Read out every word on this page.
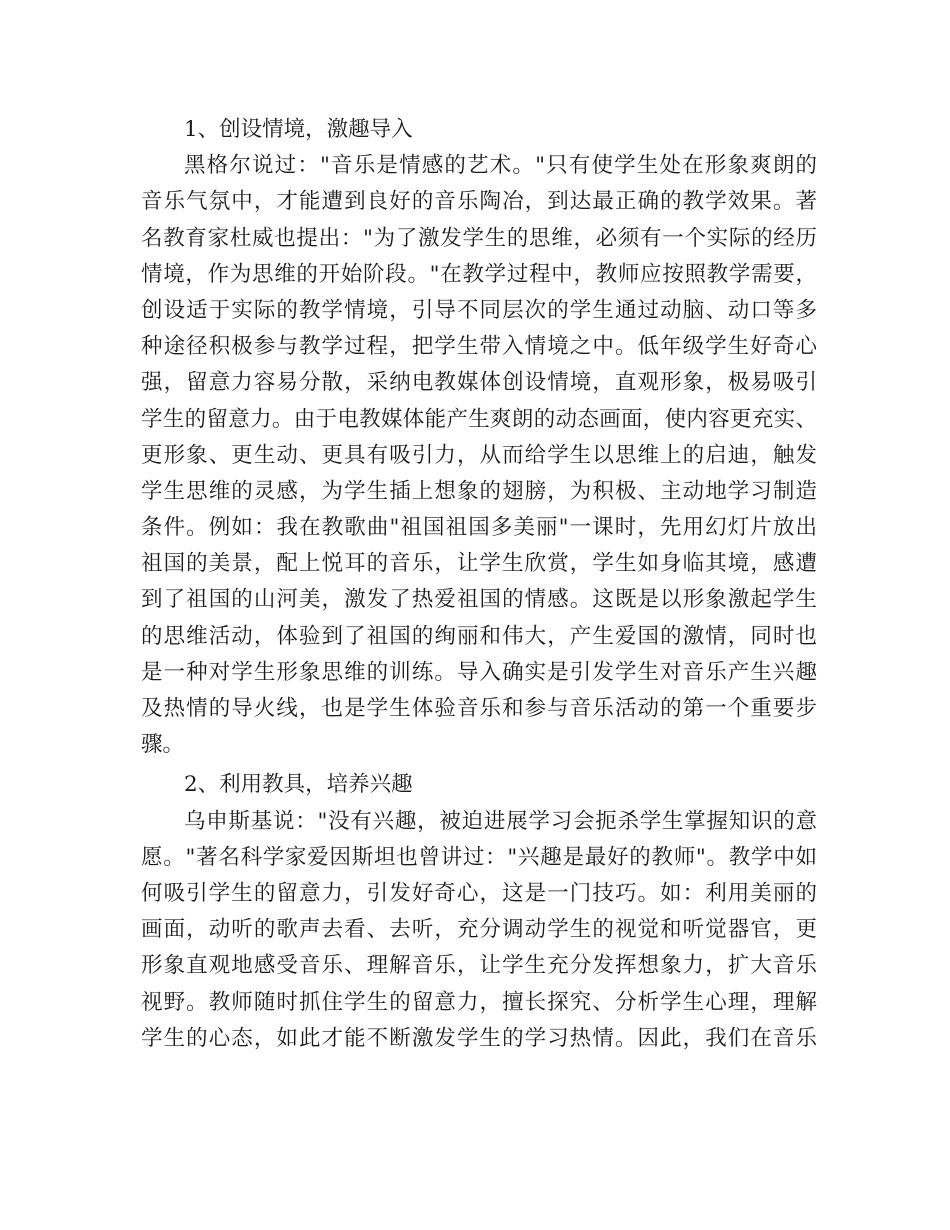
1、创设情境，激趣导入
黑格尔说过："音乐是情感的艺术。"只有使学生处在形象爽朗的
音乐气氛中，才能遭到良好的音乐陶冶，到达最正确的教学效果。著
名教育家杜威也提出："为了激发学生的思维，必须有一个实际的经历
情境，作为思维的开始阶段。"在教学过程中，教师应按照教学需要，
创设适于实际的教学情境，引导不同层次的学生通过动脑、动口等多
种途径积极参与教学过程，把学生带入情境之中。低年级学生好奇心
强，留意力容易分散，采纳电教媒体创设情境，直观形象，极易吸引
学生的留意力。由于电教媒体能产生爽朗的动态画面，使内容更充实、
更形象、更生动、更具有吸引力，从而给学生以思维上的启迪，触发
学生思维的灵感，为学生插上想象的翅膀，为积极、主动地学习制造
条件。例如：我在教歌曲"祖国祖国多美丽"一课时，先用幻灯片放出
祖国的美景，配上悦耳的音乐，让学生欣赏，学生如身临其境，感遭
到了祖国的山河美，激发了热爱祖国的情感。这既是以形象激起学生
的思维活动，体验到了祖国的绚丽和伟大，产生爱国的激情，同时也
是一种对学生形象思维的训练。导入确实是引发学生对音乐产生兴趣
及热情的导火线，也是学生体验音乐和参与音乐活动的第一个重要步
骤。
2、利用教具，培养兴趣
乌申斯基说："没有兴趣，被迫进展学习会扼杀学生掌握知识的意
愿。"著名科学家爱因斯坦也曾讲过："兴趣是最好的教师"。教学中如
何吸引学生的留意力，引发好奇心，这是一门技巧。如：利用美丽的
画面，动听的歌声去看、去听，充分调动学生的视觉和听觉器官，更
形象直观地感受音乐、理解音乐，让学生充分发挥想象力，扩大音乐
视野。教师随时抓住学生的留意力，擅长探究、分析学生心理，理解
学生的心态，如此才能不断激发学生的学习热情。因此，我们在音乐
